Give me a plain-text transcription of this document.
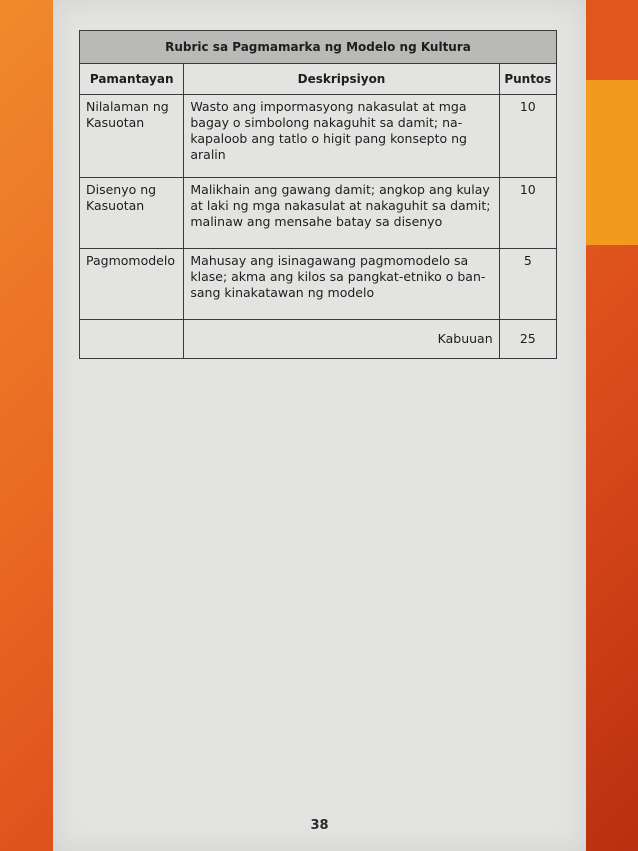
Rubric sa Pagmamarka ng Modelo ng Kultura		
Pamantayan	Deskripsiyon	Puntos
Nilalaman ng Kasuotan	Wasto ang impormasyong nakasulat at mga bagay o simbolong nakaguhit sa damit; na-kapaloob ang tatlo o higit pang konsepto ng aralin	10
Disenyo ng Kasuotan	Malikhain ang gawang damit; angkop ang kulay at laki ng mga nakasulat at nakaguhit sa damit; malinaw ang mensahe batay sa disenyo	10
Pagmomodelo	Mahusay ang isinagawang pagmomodelo sa klase; akma ang kilos sa pangkat-etniko o ban-sang kinakatawan ng modelo	5
	Kabuuan	25
38
